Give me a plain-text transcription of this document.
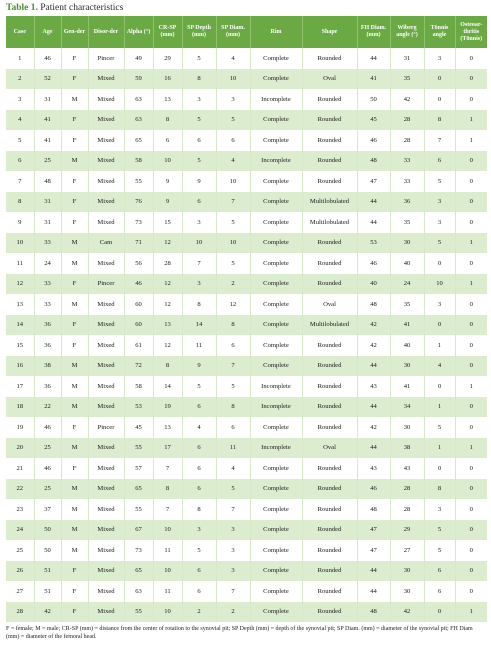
Table 1. Patient characteristics
Case	Age	Gen-der	Disor-der	Alpha (°)	CR-SP (mm)	SP Depth (mm)	SP Diam. (mm)	Rim	Shape	FH Diam. (mm)	Wiberg angle (°)	Tönnis angle	Osteoar-thritis (Tönnis)
1	46	F	Pincer	49	29	5	4	Complete	Rounded	44	31	3	0
2	52	F	Mixed	59	16	8	10	Complete	Oval	41	35	0	0
3	31	M	Mixed	63	13	3	3	Incomplete	Rounded	50	42	0	0
4	41	F	Mixed	63	8	5	5	Complete	Rounded	45	28	8	1
5	41	F	Mixed	65	6	6	6	Complete	Rounded	46	28	7	1
6	25	M	Mixed	58	10	5	4	Incomplete	Rounded	48	33	6	0
7	48	F	Mixed	55	9	9	10	Complete	Rounded	47	33	5	0
8	31	F	Mixed	76	9	6	7	Complete	Multilobulated	44	36	3	0
9	31	F	Mixed	73	15	3	5	Complete	Multilobulated	44	35	3	0
10	33	M	Cam	71	12	10	10	Complete	Rounded	53	30	5	1
11	24	M	Mixed	56	28	7	5	Complete	Rounded	46	40	0	0
12	33	F	Pincer	46	12	3	2	Complete	Rounded	40	24	10	1
13	33	M	Mixed	60	12	8	12	Complete	Oval	48	35	3	0
14	36	F	Mixed	60	13	14	8	Complete	Multilobulated	42	41	0	0
15	36	F	Mixed	61	12	11	6	Complete	Rounded	42	40	1	0
16	38	M	Mixed	72	8	9	7	Complete	Rounded	44	30	4	0
17	36	M	Mixed	58	14	5	5	Incomplete	Rounded	43	41	0	1
18	22	M	Mixed	53	19	6	8	Incomplete	Rounded	44	34	1	0
19	46	F	Pincer	45	13	4	6	Complete	Rounded	42	30	5	0
20	25	M	Mixed	55	17	6	11	Incomplete	Oval	44	38	1	1
21	46	F	Mixed	57	7	6	4	Complete	Rounded	43	43	0	0
22	25	M	Mixed	65	8	6	5	Complete	Rounded	46	28	8	0
23	37	M	Mixed	55	7	8	7	Complete	Rounded	48	28	3	0
24	50	M	Mixed	67	10	3	3	Complete	Rounded	47	29	5	0
25	50	M	Mixed	73	11	5	3	Complete	Rounded	47	27	5	0
26	51	F	Mixed	65	10	6	3	Complete	Rounded	44	30	6	0
27	51	F	Mixed	63	11	6	7	Complete	Rounded	44	30	6	0
28	42	F	Mixed	55	10	2	2	Complete	Rounded	48	42	0	1
F = female; M = male; CR-SP (mm) = distance from the center of rotation to the synovial pit; SP Depth (mm) = depth of the synovial pit; SP Diam. (mm) = diameter of the synovial pit; FH Diam (mm) = diameter of the femoral head.
